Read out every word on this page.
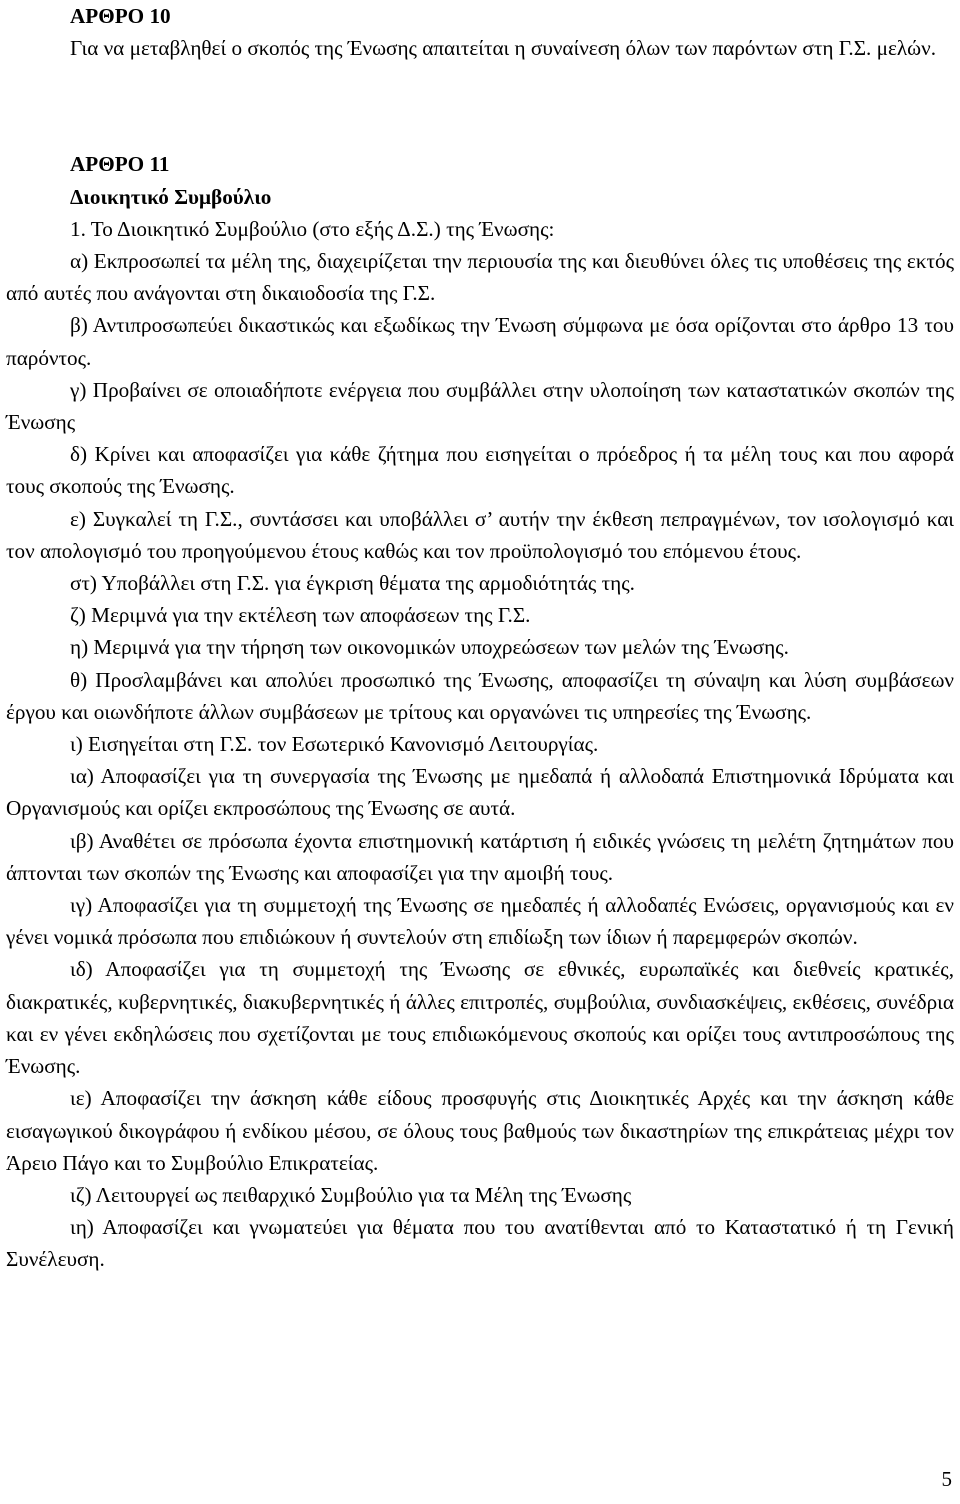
ΑΡΘΡΟ 10

Για να μεταβληθεί ο σκοπός της Ένωσης απαιτείται η συναίνεση όλων των παρόντων στη Γ.Σ. μελών.

ΑΡΘΡΟ 11

Διοικητικό Συμβούλιο

1. Το Διοικητικό Συμβούλιο (στο εξής Δ.Σ.) της Ένωσης:

α) Εκπροσωπεί τα μέλη της, διαχειρίζεται την περιουσία της και διευθύνει όλες τις υποθέσεις της εκτός από αυτές που ανάγονται στη δικαιοδοσία της Γ.Σ.

β) Αντιπροσωπεύει δικαστικώς και εξωδίκως την Ένωση σύμφωνα με όσα ορίζονται στο άρθρο 13 του παρόντος.

γ) Προβαίνει σε οποιαδήποτε ενέργεια που συμβάλλει στην υλοποίηση των καταστατικών σκοπών της Ένωσης

δ) Κρίνει και αποφασίζει για κάθε ζήτημα που εισηγείται ο πρόεδρος ή τα μέλη τους και που αφορά τους σκοπούς της Ένωσης.

ε) Συγκαλεί τη Γ.Σ., συντάσσει και υποβάλλει σ’ αυτήν την έκθεση πεπραγμένων, τον ισολογισμό και τον απολογισμό του προηγούμενου έτους καθώς και τον προϋπολογισμό του επόμενου έτους.

στ) Υποβάλλει στη Γ.Σ. για έγκριση θέματα της αρμοδιότητάς της.

ζ) Μεριμνά για την εκτέλεση των αποφάσεων της Γ.Σ.

η) Μεριμνά για την τήρηση των οικονομικών υποχρεώσεων των μελών της Ένωσης.

θ) Προσλαμβάνει και απολύει προσωπικό της Ένωσης, αποφασίζει τη σύναψη και λύση συμβάσεων έργου και οιωνδήποτε άλλων συμβάσεων με τρίτους και οργανώνει τις υπηρεσίες της Ένωσης.

ι) Εισηγείται στη Γ.Σ. τον Εσωτερικό Κανονισμό Λειτουργίας.

ια) Αποφασίζει για τη συνεργασία της Ένωσης με ημεδαπά ή αλλοδαπά Επιστημονικά Ιδρύματα και Οργανισμούς και ορίζει εκπροσώπους της Ένωσης σε αυτά.

ιβ) Αναθέτει σε πρόσωπα έχοντα επιστημονική κατάρτιση ή ειδικές γνώσεις τη μελέτη ζητημάτων που άπτονται των σκοπών της Ένωσης και αποφασίζει για την αμοιβή τους.

ιγ) Αποφασίζει για τη συμμετοχή της Ένωσης σε ημεδαπές ή αλλοδαπές Ενώσεις, οργανισμούς και εν γένει νομικά πρόσωπα που επιδιώκουν ή συντελούν στη επιδίωξη των ίδιων ή παρεμφερών σκοπών.

ιδ) Αποφασίζει για τη συμμετοχή της Ένωσης σε εθνικές, ευρωπαϊκές και διεθνείς κρατικές, διακρατικές, κυβερνητικές, διακυβερνητικές ή άλλες επιτροπές, συμβούλια, συνδιασκέψεις, εκθέσεις, συνέδρια και εν γένει εκδηλώσεις που σχετίζονται με τους επιδιωκόμενους σκοπούς και ορίζει τους αντιπροσώπους της Ένωσης.

ιε) Αποφασίζει την άσκηση κάθε είδους προσφυγής στις Διοικητικές Αρχές και την άσκηση κάθε εισαγωγικού δικογράφου ή ενδίκου μέσου, σε όλους τους βαθμούς των δικαστηρίων της επικράτειας μέχρι τον Άρειο Πάγο και το Συμβούλιο Επικρατείας.

ιζ) Λειτουργεί ως πειθαρχικό Συμβούλιο για τα Μέλη της Ένωσης

ιη) Αποφασίζει και γνωματεύει για θέματα που του ανατίθενται από το Καταστατικό ή τη Γενική Συνέλευση.

5
